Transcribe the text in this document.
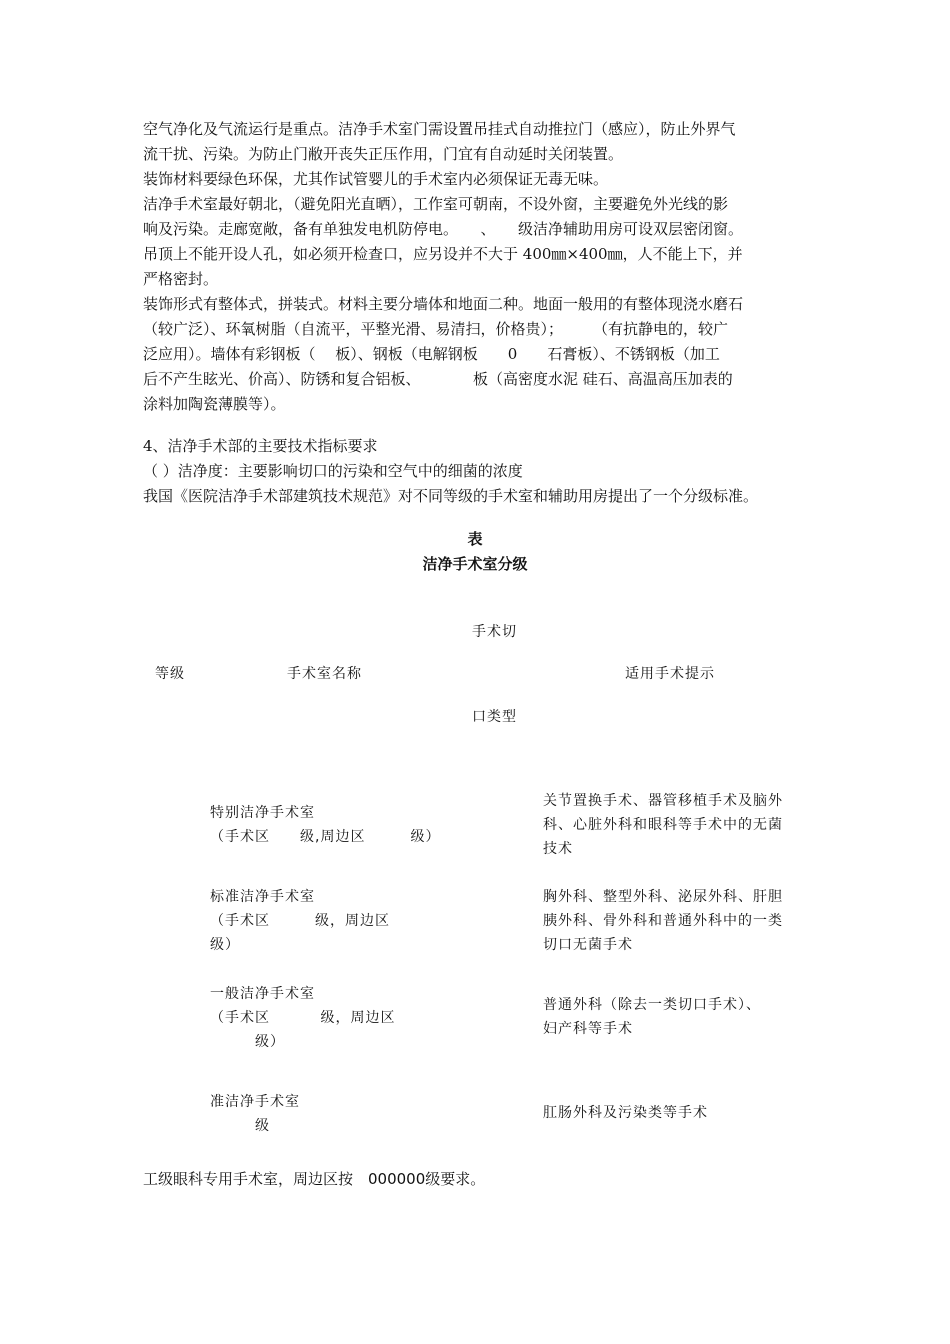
空气净化及气流运行是重点。洁净手术室门需设置吊挂式自动推拉门（感应），防止外界气
流干扰、污染。为防止门敝开丧失正压作用，门宜有自动延时关闭装置。
装饰材料要绿色环保，尤其作试管婴儿的手术室内必须保证无毒无味。
洁净手术室最好朝北，（避免阳光直晒），工作室可朝南，不设外窗，主要避免外光线的影
响及污染。走廊宽敞，备有单独发电机防停电。　　、　　级洁净辅助用房可设双层密闭窗。
吊顶上不能开设人孔，如必须开检查口，应另设并不大于 400㎜×400㎜，人不能上下，并
严格密封。
装饰形式有整体式，拼装式。材料主要分墙体和地面二种。地面一般用的有整体现浇水磨石
（较广泛）、环氧树脂（自流平，平整光滑、易清扫，价格贵）；　　　（有抗静电的，较广
泛应用）。墙体有彩钢板（　 板）、钢板（电解钢板　　0　　石膏板）、不锈钢板（加工
后不产生眩光、价高）、防锈和复合铝板、　　　　板（高密度水泥 硅石、高温高压加表的
涂料加陶瓷薄膜等）。
4、洁净手术部的主要技术指标要求
（ ）洁净度：主要影响切口的污染和空气中的细菌的浓度
我国《医院洁净手术部建筑技术规范》对不同等级的手术室和辅助用房提出了一个分级标准。
表
洁净手术室分级
手术切
等级	手术室名称	适用手术提示
口类型
特别洁净手术室
（手术区　　级,周边区　　　级）
关节置换手术、器管移植手术及脑外
科、心脏外科和眼科等手术中的无菌
技术
标准洁净手术室
（手术区　　　级，周边区
级）
胸外科、整型外科、泌尿外科、肝胆
胰外科、骨外科和普通外科中的一类
切口无菌手术
一般洁净手术室
（手术区　　　 级，周边区
　　　级）
普通外科（除去一类切口手术）、
妇产科等手术
准洁净手术室
　　　级
肛肠外科及污染类等手术
工级眼科专用手术室，周边区按　000000级要求。
